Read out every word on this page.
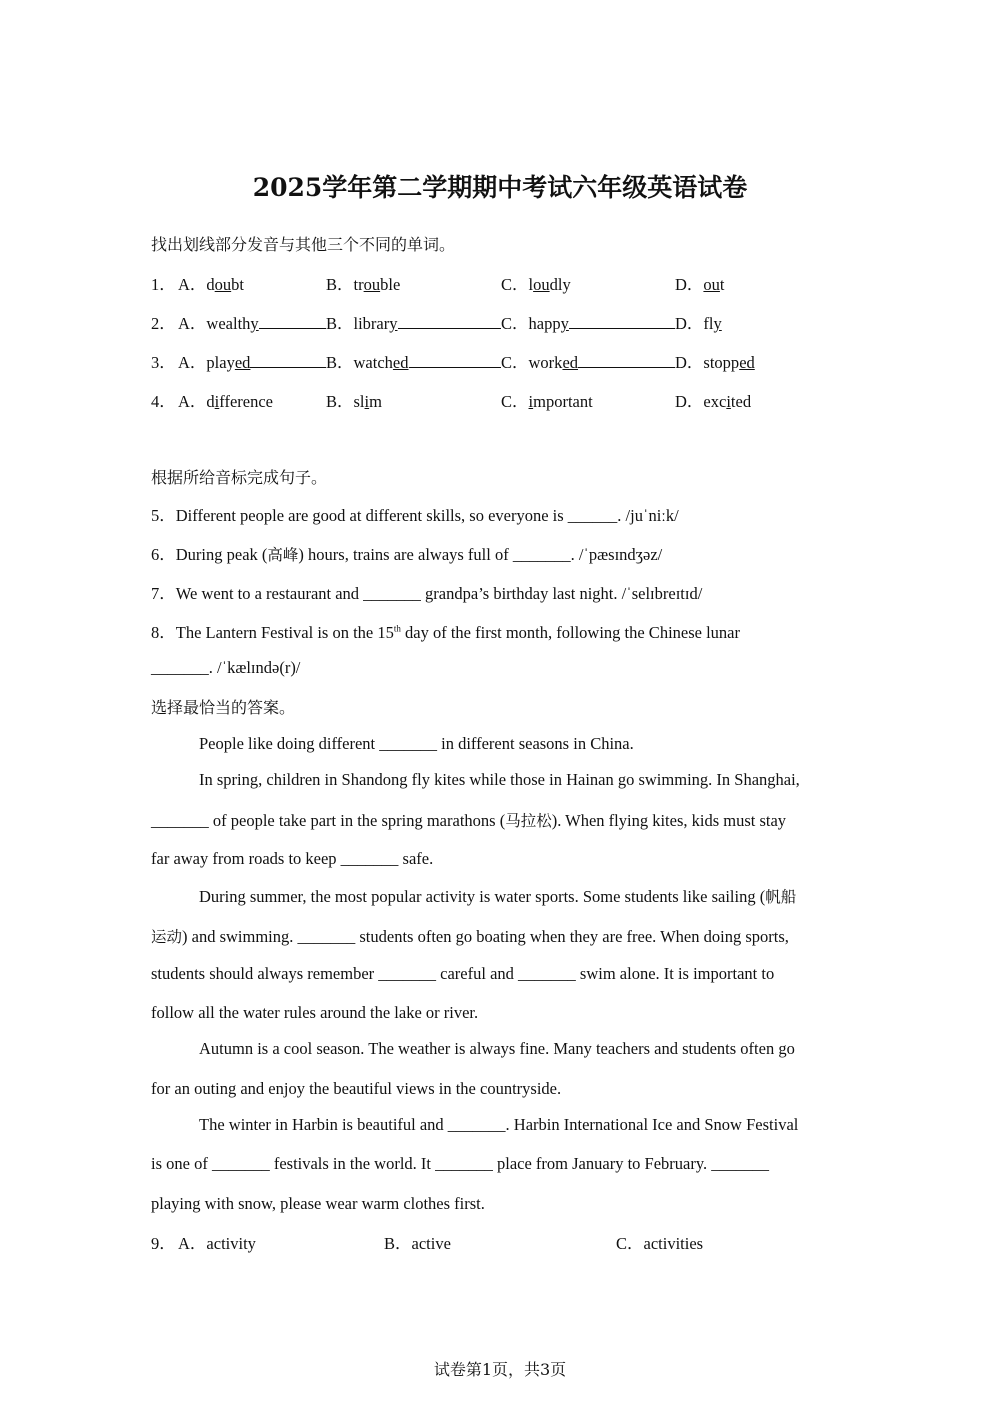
2025学年第二学期期中考试六年级英语试卷
找出划线部分发音与其他三个不同的单词。
1． A．doubt	B．trouble	C．loudly	D．out
2． A．wealthy	B．library	C．happy	D．fly
3． A．played	B．watched	C．worked	D．stopped
4． A．difference	B．slim	C．important	D．excited
根据所给音标完成句子。
5．Different people are good at different skills, so everyone is ______. /juˈniːk/
6．During peak (高峰) hours, trains are always full of _______. /ˈpæsɪndʒəz/
7．We went to a restaurant and _______ grandpa’s birthday last night. /ˈselɪbreɪtɪd/
8．The Lantern Festival is on the 15th day of the first month, following the Chinese lunar
_______. /ˈkælɪndə(r)/
选择最恰当的答案。
People like doing different _______ in different seasons in China.
In spring, children in Shandong fly kites while those in Hainan go swimming. In Shanghai,
_______ of people take part in the spring marathons (马拉松). When flying kites, kids must stay
far away from roads to keep _______ safe.
During summer, the most popular activity is water sports. Some students like sailing (帆船
运动) and swimming. _______ students often go boating when they are free. When doing sports,
students should always remember _______ careful and _______ swim alone. It is important to
follow all the water rules around the lake or river.
Autumn is a cool season. The weather is always fine. Many teachers and students often go
for an outing and enjoy the beautiful views in the countryside.
The winter in Harbin is beautiful and _______. Harbin International Ice and Snow Festival
is one of _______ festivals in the world. It _______ place from January to February. _______
playing with snow, please wear warm clothes first.
9． A．activity	B．active	C．activities
试卷第1页，共3页
